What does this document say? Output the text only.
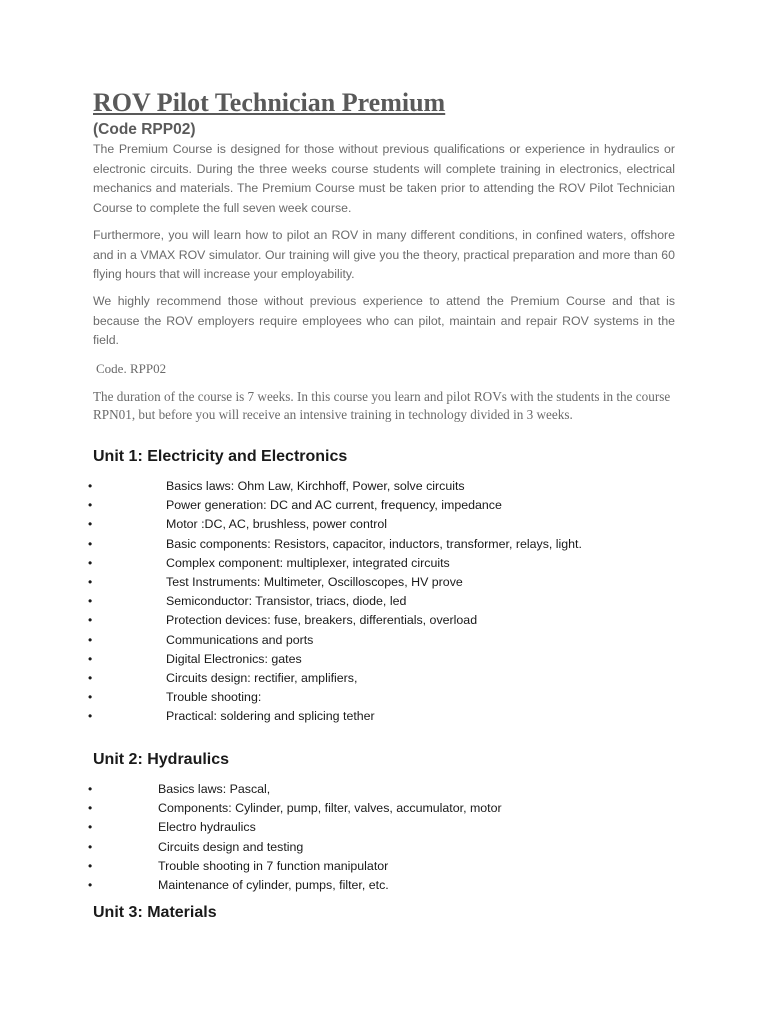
ROV Pilot Technician Premium

(Code RPP02)

The Premium Course is designed for those without previous qualifications or experience in hydraulics or electronic circuits. During the three weeks course students will complete training in electronics, electrical mechanics and materials. The Premium Course must be taken prior to attending the ROV Pilot Technician Course to complete the full seven week course.

Furthermore, you will learn how to pilot an ROV in many different conditions, in confined waters, offshore and in a VMAX ROV simulator. Our training will give you the theory, practical preparation and more than 60 flying hours that will increase your employability.

We highly recommend those without previous experience to attend the Premium Course and that is because the ROV employers require employees who can pilot, maintain and repair ROV systems in the field.

Code. RPP02

The duration of the course is 7 weeks. In this course you learn and pilot ROVs with the students in the course RPN01, but before you will receive an intensive training in technology divided in 3 weeks.

Unit 1: Electricity and Electronics
•	Basics laws: Ohm Law, Kirchhoff, Power, solve circuits
•	Power generation: DC and AC current, frequency, impedance
•	Motor :DC, AC, brushless, power control
•	Basic components: Resistors, capacitor, inductors, transformer, relays, light.
•	Complex component: multiplexer, integrated circuits
•	Test Instruments: Multimeter, Oscilloscopes, HV prove
•	Semiconductor: Transistor, triacs, diode, led
•	Protection devices: fuse, breakers, differentials, overload
•	Communications and ports
•	Digital Electronics: gates
•	Circuits design: rectifier, amplifiers,
•	Trouble shooting:
•	Practical: soldering and splicing tether
Unit 2: Hydraulics
•	Basics laws: Pascal,
•	Components: Cylinder, pump, filter, valves, accumulator, motor
•	Electro hydraulics
•	Circuits design and testing
•	Trouble shooting in 7 function manipulator
•	Maintenance of cylinder, pumps, filter, etc.
Unit 3: Materials
